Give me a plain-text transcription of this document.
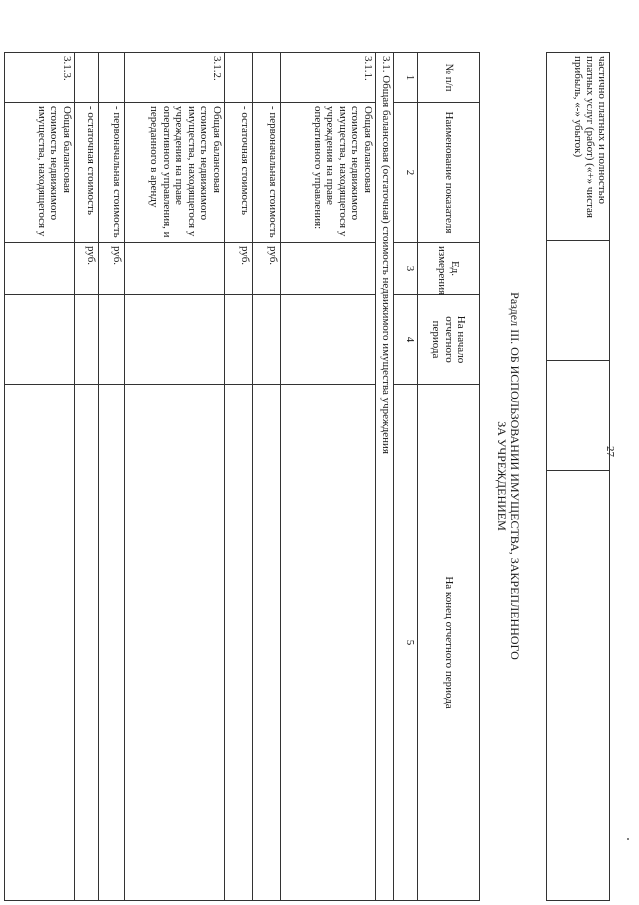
27
частично платных и полностью платных услуг (работ) («+» чистая прибыль, «-» убыток)			
Раздел III. ОБ ИСПОЛЬЗОВАНИИ ИМУЩЕСТВА, ЗАКРЕПЛЕННОГО
ЗА УЧРЕЖДЕНИЕМ
№ п/п	Наименование показателя	Ед. измерения	На начало отчетного периода	На конец отчетного периода
1	2	3	4	5
3.1. Общая балансовая (остаточная) стоимость недвижимого имущества учреждения				
3.1.1.	Общая балансовая стоимость недвижимого имущества, находящегося у учреждения на праве оперативного управления:			
	- первоначальная стоимость	руб.		
	- остаточная стоимость	руб.		
3.1.2.	Общая балансовая стоимость недвижимого имущества, находящегося у учреждения на праве оперативного управления, и переданного в аренду			
	- первоначальная стоимость	руб.		
	- остаточная стоимость	руб.		
3.1.3.	Общая балансовая стоимость недвижимого имущества, находящегося у			
